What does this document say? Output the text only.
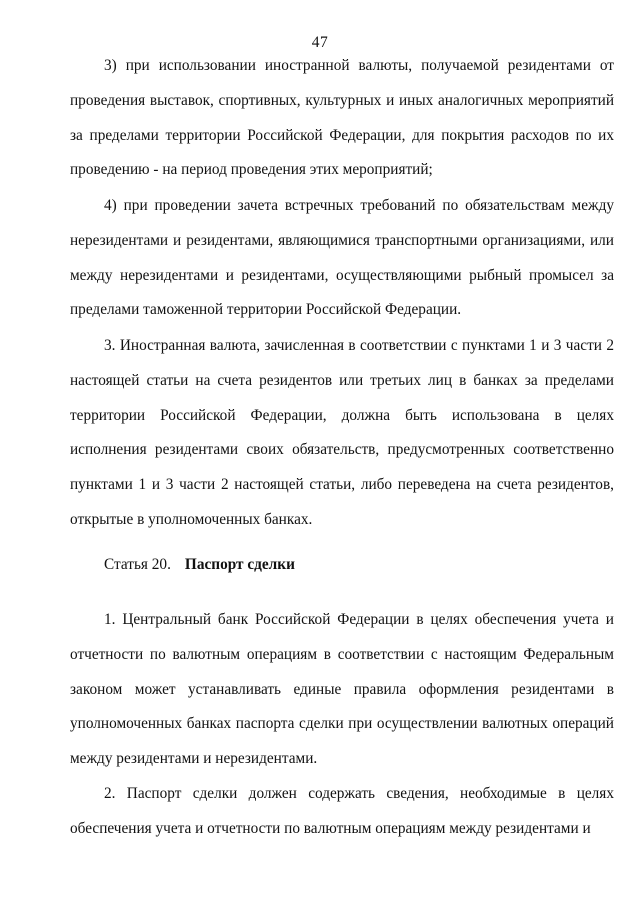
47

3) при использовании иностранной валюты, получаемой резидентами от проведения выставок, спортивных, культурных и иных аналогичных мероприятий за пределами территории Российской Федерации, для покрытия расходов по их проведению - на период проведения этих мероприятий;

4) при проведении зачета встречных требований по обязательствам между нерезидентами и резидентами, являющимися транспортными организациями, или между нерезидентами и резидентами, осуществляющими рыбный промысел за пределами таможенной территории Российской Федерации.

3. Иностранная валюта, зачисленная в соответствии с пунктами 1 и 3 части 2 настоящей статьи на счета резидентов или третьих лиц в банках за пределами территории Российской Федерации, должна быть использована в целях исполнения резидентами своих обязательств, предусмотренных соответственно пунктами 1 и 3 части 2 настоящей статьи, либо переведена на счета резидентов, открытые в уполномоченных банках.

Статья 20. Паспорт сделки

1. Центральный банк Российской Федерации в целях обеспечения учета и отчетности по валютным операциям в соответствии с настоящим Федеральным законом может устанавливать единые правила оформления резидентами в уполномоченных банках паспорта сделки при осуществлении валютных операций между резидентами и нерезидентами.

2. Паспорт сделки должен содержать сведения, необходимые в целях обеспечения учета и отчетности по валютным операциям между резидентами и
